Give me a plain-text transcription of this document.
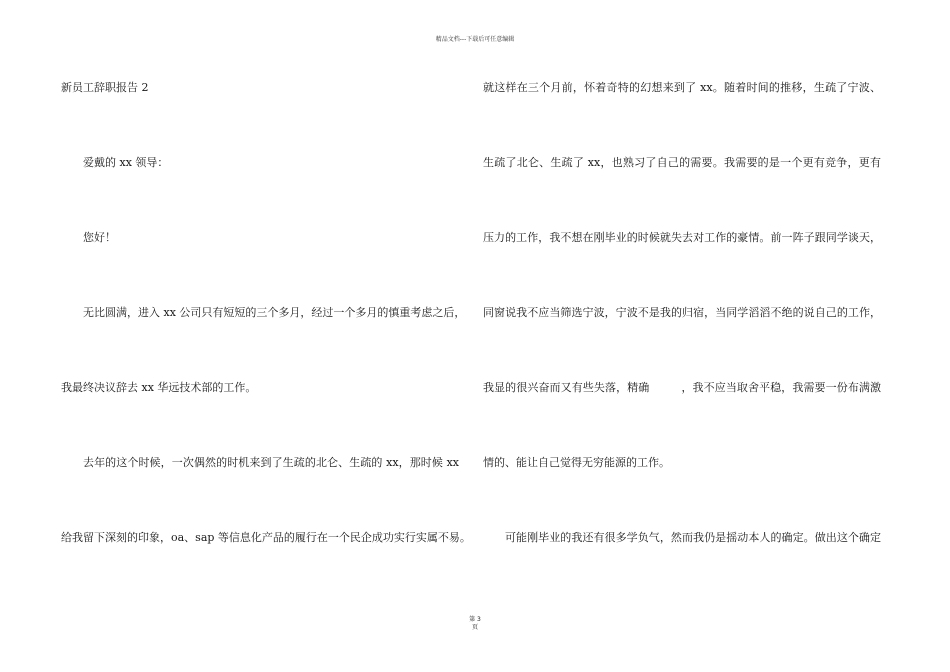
精品文档---下载后可任意编辑
新员工辞职报告 2
爱戴的 xx 领导：
您好！
无比圆满，进入 xx 公司只有短短的三个多月，经过一个多月的慎重考虑之后，
我最终决议辞去 xx 华远技术部的工作。
去年的这个时候，一次偶然的时机来到了生疏的北仑、生疏的 xx，那时候 xx
给我留下深刻的印象，oa、sap 等信息化产品的履行在一个民企成功实行实属不易。
就这样在三个月前，怀着奇特的幻想来到了 xx。随着时间的推移，生疏了宁波、
生疏了北仑、生疏了 xx，也熟习了自己的需要。我需要的是一个更有竞争，更有
压力的工作，我不想在刚毕业的时候就失去对工作的豪情。前一阵子跟同学谈天，
同窗说我不应当筛选宁波，宁波不是我的归宿，当同学滔滔不绝的说自己的工作，
我显的很兴奋而又有些失落，精确	，我不应当取舍平稳，我需要一份布满激
情的、能让自己觉得无穷能源的工作。
可能刚毕业的我还有很多学负气，然而我仍是摇动本人的确定。做出这个确定
第 3
页
